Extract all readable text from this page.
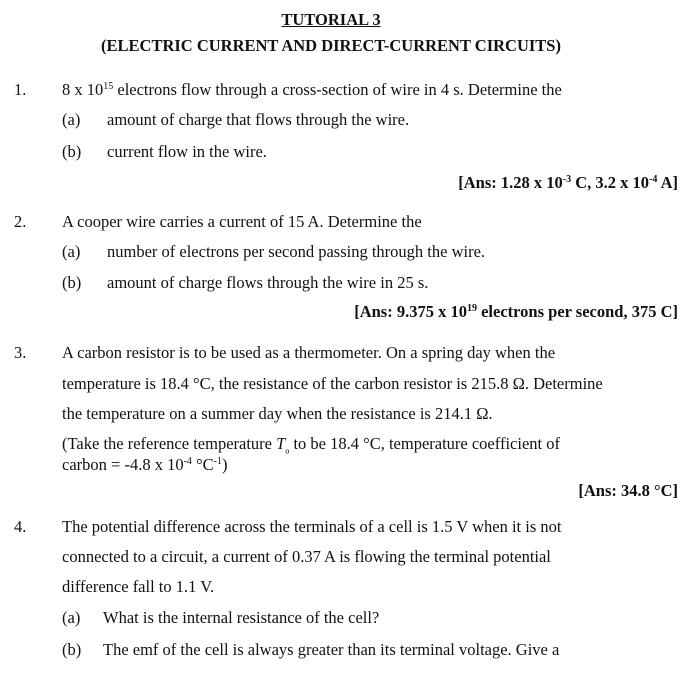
TUTORIAL 3
(ELECTRIC CURRENT AND DIRECT-CURRENT CIRCUITS)
1. 8 x $10^{15}$ electrons flow through a cross-section of wire in 4 s. Determine the
(a) amount of charge that flows through the wire.
(b) current flow in the wire.
[Ans: 1.28 x $10^{-3}$ C, 3.2 x $10^{-4}$ A]
2. A cooper wire carries a current of 15 A. Determine the
(a) number of electrons per second passing through the wire.
(b) amount of charge flows through the wire in 25 s.
[Ans: 9.375 x $10^{19}$ electrons per second, 375 C]
3. A carbon resistor is to be used as a thermometer. On a spring day when the
temperature is 18.4 °C, the resistance of the carbon resistor is 215.8 Ω. Determine
the temperature on a summer day when the resistance is 214.1 Ω.
(Take the reference temperature $T_o$ to be 18.4 °C, temperature coefficient of
carbon = -4.8 x $10^{-4}$ $^\circ C^{-1}$)
[Ans: 34.8 °C]
4. The potential difference across the terminals of a cell is 1.5 V when it is not
connected to a circuit, a current of 0.37 A is flowing the terminal potential
difference fall to 1.1 V.
(a) What is the internal resistance of the cell?
(b) The emf of the cell is always greater than its terminal voltage. Give a
